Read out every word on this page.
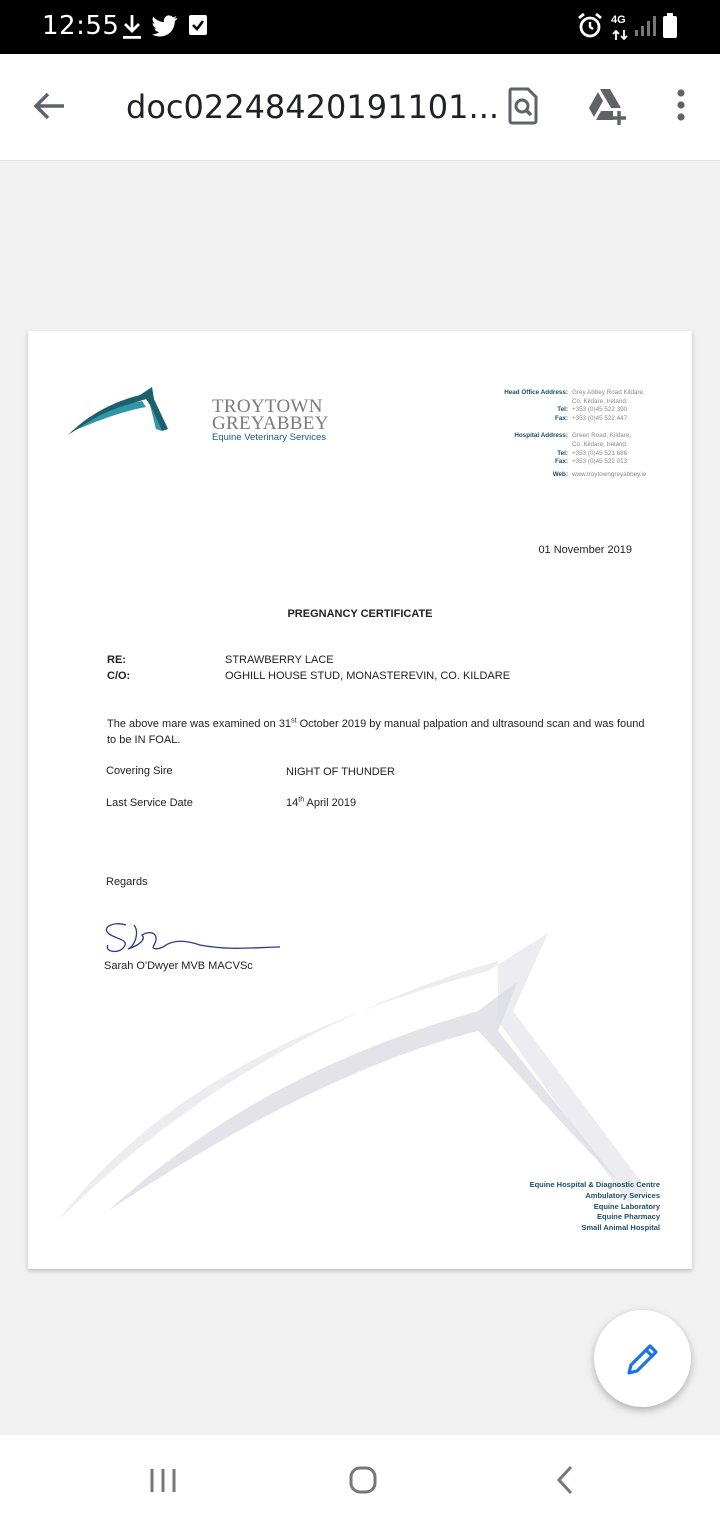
12:55	4G
doc02248420191101...
TROYTOWN
GREYABBEY
Equine Veterinary Services
Head Office Address: Grey Abbey Road Kildare,
Co. Kildare, Ireland.
Tel: +353 (0)45 522 390
Fax: +353 (0)45 522 447
Hospital Address: Green Road, Kildare,
Co. Kildare, Ireland.
Tel: +353 (0)45 521 686
Fax: +353 (0)45 522 013
Web: www.troytowngreyabbey.ie
01 November 2019
PREGNANCY CERTIFICATE
RE:	STRAWBERRY LACE
C/O:	OGHILL HOUSE STUD, MONASTEREVIN, CO. KILDARE
The above mare was examined on 31st October 2019 by manual palpation and ultrasound scan and was found to be IN FOAL.
Covering Sire	NIGHT OF THUNDER
Last Service Date	14th April 2019
Regards
Sarah O'Dwyer MVB MACVSc
Equine Hospital & Diagnostic Centre
Ambulatory Services
Equine Laboratory
Equine Pharmacy
Small Animal Hospital
